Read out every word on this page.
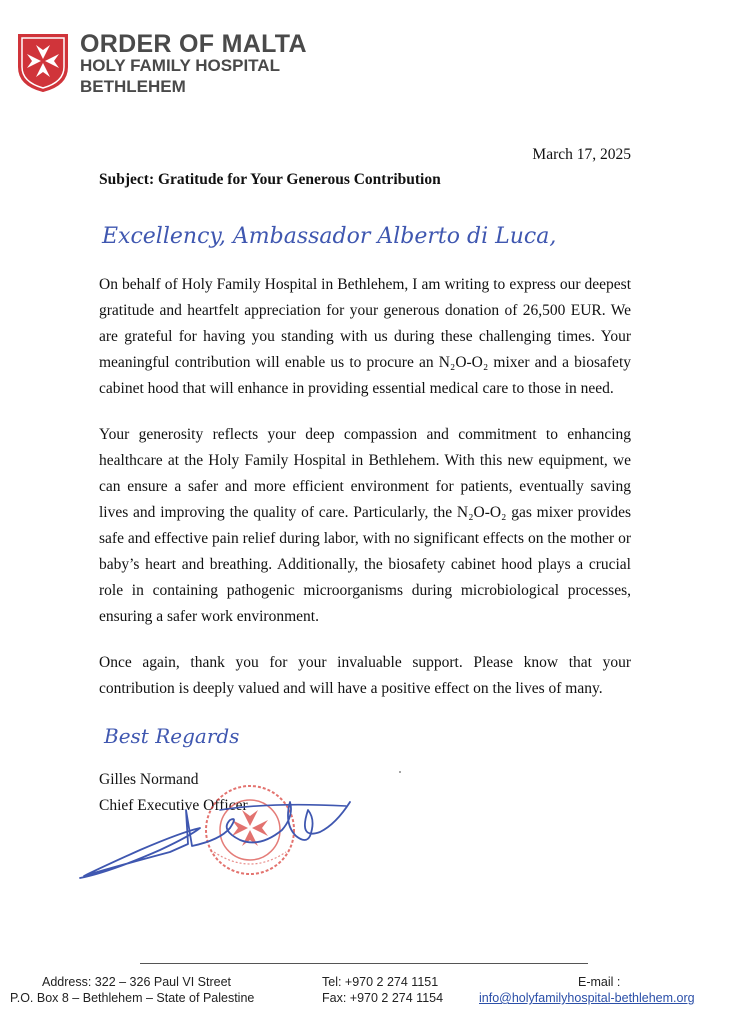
ORDER OF MALTA
HOLY FAMILY HOSPITAL
BETHLEHEM
March 17, 2025
Subject: Gratitude for Your Generous Contribution
Excellency, Ambassador Alberto di Luca,
On behalf of Holy Family Hospital in Bethlehem, I am writing to express our deepest gratitude and heartfelt appreciation for your generous donation of 26,500 EUR. We are grateful for having you standing with us during these challenging times. Your meaningful contribution will enable us to procure an N₂O-O₂ mixer and a biosafety cabinet hood that will enhance in providing essential medical care to those in need.
Your generosity reflects your deep compassion and commitment to enhancing healthcare at the Holy Family Hospital in Bethlehem. With this new equipment, we can ensure a safer and more efficient environment for patients, eventually saving lives and improving the quality of care. Particularly, the N₂O-O₂ gas mixer provides safe and effective pain relief during labor, with no significant effects on the mother or baby’s heart and breathing. Additionally, the biosafety cabinet hood plays a crucial role in containing pathogenic microorganisms during microbiological processes, ensuring a safer work environment.
Once again, thank you for your invaluable support. Please know that your contribution is deeply valued and will have a positive effect on the lives of many.
Best Regards
Gilles Normand
Chief Executive Officer
Address: 322 – 326 Paul VI Street
P.O. Box 8 – Bethlehem – State of Palestine
Tel: +970 2 274 1151
Fax: +970 2 274 1154
E-mail :
info@holyfamilyhospital-bethlehem.org
